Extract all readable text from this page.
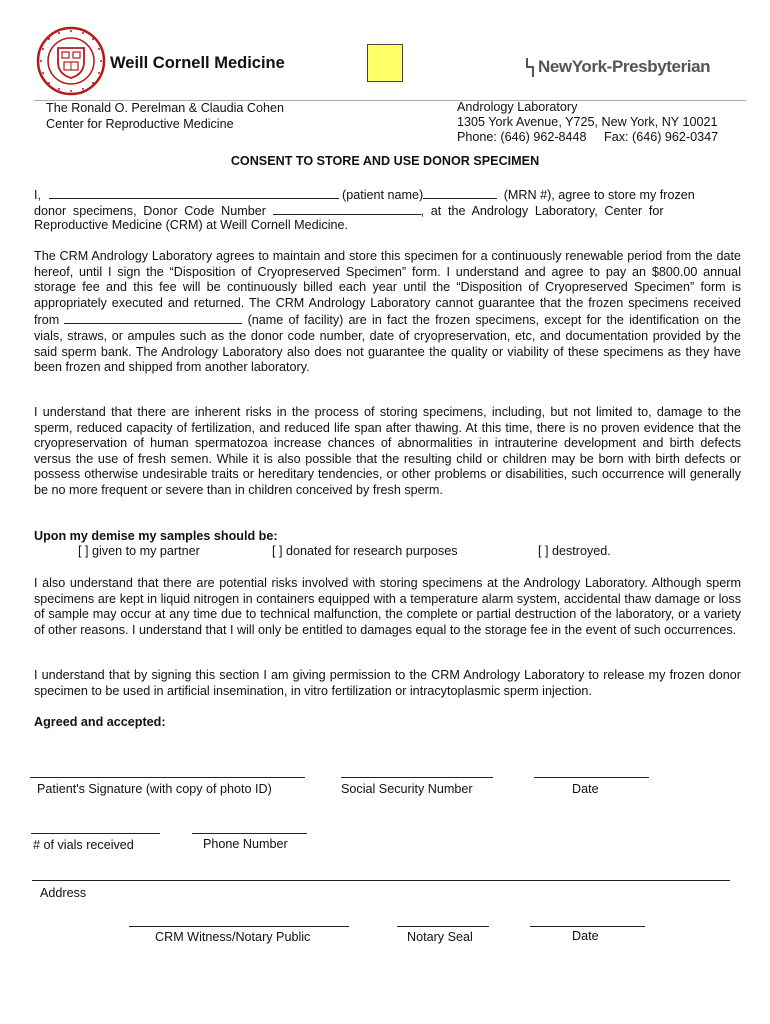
Weill Cornell Medicine	NewYork-Presbyterian
The Ronald O. Perelman & Claudia Cohen
Center for Reproductive Medicine
Andrology Laboratory
1305 York Avenue, Y725, New York, NY 10021
Phone: (646) 962-8448     Fax: (646) 962-0347
CONSENT TO STORE AND USE DONOR SPECIMEN
I,	(patient name)	(MRN #), agree to store my frozen
donor specimens, Donor Code Number	, at the Andrology Laboratory, Center for
Reproductive Medicine (CRM) at Weill Cornell Medicine.
The CRM Andrology Laboratory agrees to maintain and store this specimen for a continuously renewable period from the date hereof, until I sign the “Disposition of Cryopreserved Specimen” form. I understand and agree to pay an $800.00 annual storage fee and this fee will be continuously billed each year until the “Disposition of Cryopreserved Specimen” form is appropriately executed and returned. The CRM Andrology Laboratory cannot guarantee that the frozen specimens received from	(name of facility) are in fact the frozen specimens, except for the identification on the vials, straws, or ampules such as the donor code number, date of cryopreservation, etc, and documentation provided by the said sperm bank. The Andrology Laboratory also does not guarantee the quality or viability of these specimens as they have been frozen and shipped from another laboratory.
I understand that there are inherent risks in the process of storing specimens, including, but not limited to, damage to the sperm, reduced capacity of fertilization, and reduced life span after thawing. At this time, there is no proven evidence that the cryopreservation of human spermatozoa increase chances of abnormalities in intrauterine development and birth defects versus the use of fresh semen. While it is also possible that the resulting child or children may be born with birth defects or possess otherwise undesirable traits or hereditary tendencies, or other problems or disabilities, such occurrence will generally be no more frequent or severe than in children conceived by fresh sperm.
Upon my demise my samples should be:
[ ] given to my partner	[ ] donated for research purposes	[ ] destroyed.
I also understand that there are potential risks involved with storing specimens at the Andrology Laboratory. Although sperm specimens are kept in liquid nitrogen in containers equipped with a temperature alarm system, accidental thaw damage or loss of sample may occur at any time due to technical malfunction, the complete or partial destruction of the laboratory, or a variety of other reasons. I understand that I will only be entitled to damages equal to the storage fee in the event of such occurrences.
I understand that by signing this section I am giving permission to the CRM Andrology Laboratory to release my frozen donor specimen to be used in artificial insemination, in vitro fertilization or intracytoplasmic sperm injection.
Agreed and accepted:
Patient's Signature (with copy of photo ID)	Social Security Number	Date
# of vials received	Phone Number
Address
CRM Witness/Notary Public	Notary Seal	Date
